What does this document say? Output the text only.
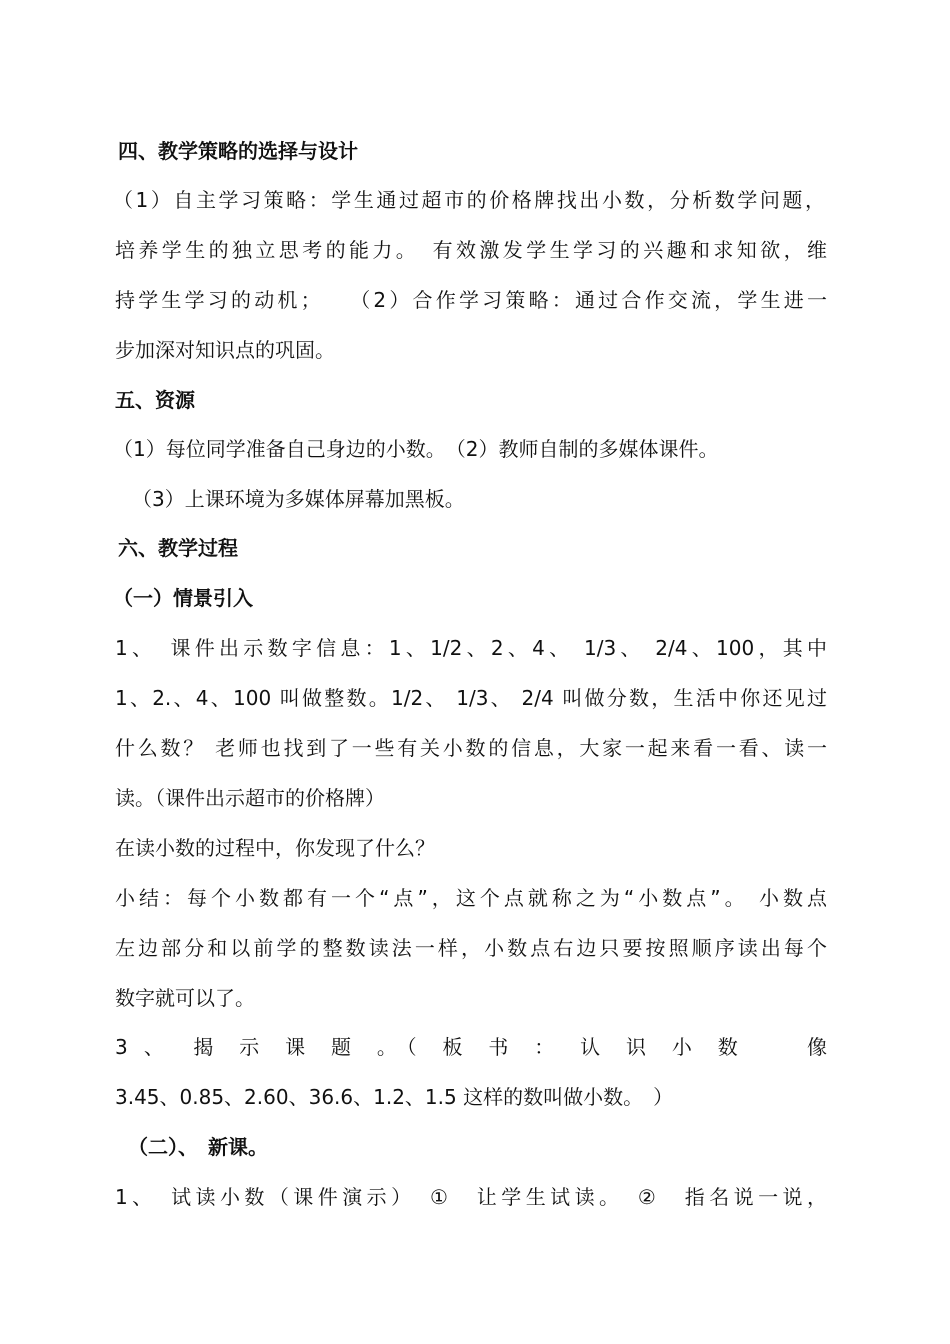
四、教学策略的选择与设计
（1）自主学习策略：学生通过超市的价格牌找出小数，分析数学问题，
培养学生的独立思考的能力。　有效激发学生学习的兴趣和求知欲，维
持学生学习的动机；　　（2）合作学习策略：通过合作交流，学生进一
步加深对知识点的巩固。
五、资源
（1）每位同学准备自己身边的小数。　（2）教师自制的多媒体课件。
（3）上课环境为多媒体屏幕加黑板。
六、教学过程
（一）情景引入
1、　课件出示数字信息：1、1/2、2、4、 1/3、 2/4、100，其中
1、2.、4、100 叫做整数。1/2、 1/3、 2/4 叫做分数，生活中你还见过
什么数？ 老师也找到了一些有关小数的信息，大家一起来看一看、读一
读。（课件出示超市的价格牌）
在读小数的过程中，你发现了什么？
小结：每个小数都有一个“点”，这个点就称之为“小数点”。 小数点
左边部分和以前学的整数读法一样，小数点右边只要按照顺序读出每个
数字就可以了。
3 、　揭 示 课 题 。（ 板 书 ： 认 识 小 数　　像
3.45、0.85、2.60、36.6、1.2、1.5 这样的数叫做小数。　）
（二）、　新课。
1、　试读小数（课件演示）　①　让学生试读。　②　指名说一说，
